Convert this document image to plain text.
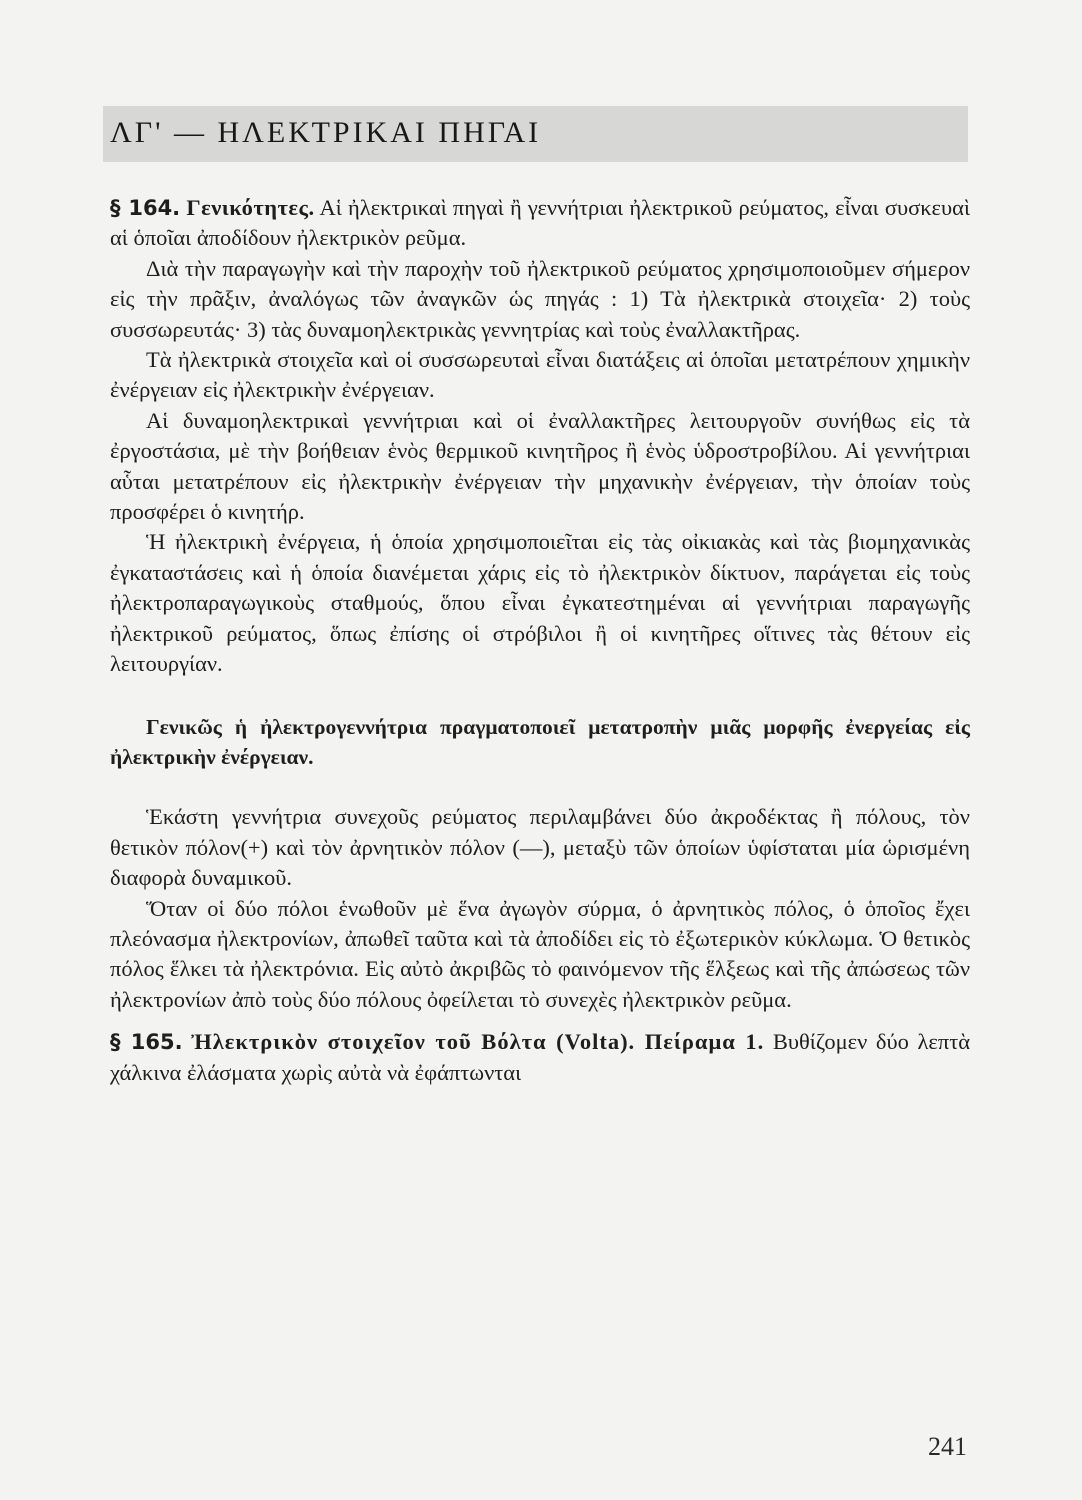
ΛΓ' — ΗΛΕΚΤΡΙΚΑΙ ΠΗΓΑΙ

§ 164. Γενικότητες. Αἱ ἠλεκτρικαὶ πηγαὶ ἢ γεννήτριαι ἠλεκτρικοῦ ρεύματος, εἶναι συσκευαὶ αἱ ὁποῖαι ἀποδίδουν ἠλεκτρικὸν ρεῦμα.

Διὰ τὴν παραγωγὴν καὶ τὴν παροχὴν τοῦ ἠλεκτρικοῦ ρεύματος χρησιμοποιοῦμεν σήμερον εἰς τὴν πρᾶξιν, ἀναλόγως τῶν ἀναγκῶν ὡς πηγάς : 1) Τὰ ἠλεκτρικὰ στοιχεῖα· 2) τοὺς συσσωρευτάς· 3) τὰς δυναμοηλεκτρικὰς γεννητρίας καὶ τοὺς ἐναλλακτῆρας.

Τὰ ἠλεκτρικὰ στοιχεῖα καὶ οἱ συσσωρευταὶ εἶναι διατάξεις αἱ ὁποῖαι μετατρέπουν χημικὴν ἐνέργειαν εἰς ἠλεκτρικὴν ἐνέργειαν.

Αἱ δυναμοηλεκτρικαὶ γεννήτριαι καὶ οἱ ἐναλλακτῆρες λειτουργοῦν συνήθως εἰς τὰ ἐργοστάσια, μὲ τὴν βοήθειαν ἑνὸς θερμικοῦ κινητῆρος ἢ ἑνὸς ὑδροστροβίλου. Αἱ γεννήτριαι αὗται μετατρέπουν εἰς ἠλεκτρικὴν ἐνέργειαν τὴν μηχανικὴν ἐνέργειαν, τὴν ὁποίαν τοὺς προσφέρει ὁ κινητήρ.

Ἡ ἠλεκτρικὴ ἐνέργεια, ἡ ὁποία χρησιμοποιεῖται εἰς τὰς οἰκιακὰς καὶ τὰς βιομηχανικὰς ἐγκαταστάσεις καὶ ἡ ὁποία διανέμεται χάρις εἰς τὸ ἠλεκτρικὸν δίκτυον, παράγεται εἰς τοὺς ἠλεκτροπαραγωγικοὺς σταθμούς, ὅπου εἶναι ἐγκατεστημέναι αἱ γεννήτριαι παραγωγῆς ἠλεκτρικοῦ ρεύματος, ὅπως ἐπίσης οἱ στρόβιλοι ἢ οἱ κινητῆρες οἵτινες τὰς θέτουν εἰς λειτουργίαν.

Γενικῶς ἡ ἠλεκτρογεννήτρια πραγματοποιεῖ μετατροπὴν μιᾶς μορφῆς ἐνεργείας εἰς ἠλεκτρικὴν ἐνέργειαν.

Ἑκάστη γεννήτρια συνεχοῦς ρεύματος περιλαμβάνει δύο ἀκροδέκτας ἢ πόλους, τὸν θετικὸν πόλον(+) καὶ τὸν ἀρνητικὸν πόλον (—), μεταξὺ τῶν ὁποίων ὑφίσταται μία ὡρισμένη διαφορὰ δυναμικοῦ.

Ὅταν οἱ δύο πόλοι ἑνωθοῦν μὲ ἕνα ἀγωγὸν σύρμα, ὁ ἀρνητικὸς πόλος, ὁ ὁποῖος ἔχει πλεόνασμα ἠλεκτρονίων, ἀπωθεῖ ταῦτα καὶ τὰ ἀποδίδει εἰς τὸ ἐξωτερικὸν κύκλωμα. Ὁ θετικὸς πόλος ἕλκει τὰ ἠλεκτρόνια. Εἰς αὐτὸ ἀκριβῶς τὸ φαινόμενον τῆς ἕλξεως καὶ τῆς ἀπώσεως τῶν ἠλεκτρονίων ἀπὸ τοὺς δύο πόλους ὀφείλεται τὸ συνεχὲς ἠλεκτρικὸν ρεῦμα.

§ 165. Ἠλεκτρικὸν στοιχεῖον τοῦ Βόλτα (Volta). Πείραμα 1. Βυθίζομεν δύο λεπτὰ χάλκινα ἐλάσματα χωρὶς αὐτὰ νὰ ἐφάπτωνται

241
